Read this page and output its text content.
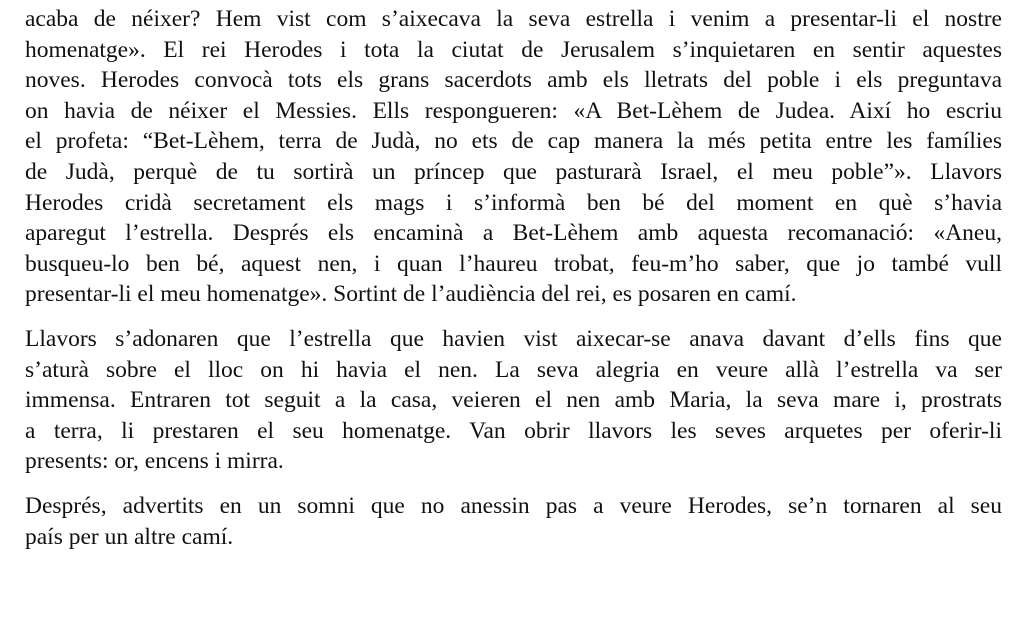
acaba de néixer? Hem vist com s’aixecava la seva estrella i venim a presentar-li el nostre
homenatge». El rei Herodes i tota la ciutat de Jerusalem s’inquietaren en sentir aquestes
noves. Herodes convocà tots els grans sacerdots amb els lletrats del poble i els preguntava
on havia de néixer el Messies. Ells respongueren: «A Bet-Lèhem de Judea. Així ho escriu
el profeta: “Bet-Lèhem, terra de Judà, no ets de cap manera la més petita entre les famílies
de Judà, perquè de tu sortirà un príncep que pasturarà Israel, el meu poble”». Llavors
Herodes cridà secretament els mags i s’informà ben bé del moment en què s’havia
aparegut l’estrella. Després els encaminà a Bet-Lèhem amb aquesta recomanació: «Aneu,
busqueu-lo ben bé, aquest nen, i quan l’haureu trobat, feu-m’ho saber, que jo també vull
presentar-li el meu homenatge». Sortint de l’audiència del rei, es posaren en camí.

Llavors s’adonaren que l’estrella que havien vist aixecar-se anava davant d’ells fins que
s’aturà sobre el lloc on hi havia el nen. La seva alegria en veure allà l’estrella va ser
immensa. Entraren tot seguit a la casa, veieren el nen amb Maria, la seva mare i, prostrats
a terra, li prestaren el seu homenatge. Van obrir llavors les seves arquetes per oferir-li
presents: or, encens i mirra.

Després, advertits en un somni que no anessin pas a veure Herodes, se’n tornaren al seu
país per un altre camí.
